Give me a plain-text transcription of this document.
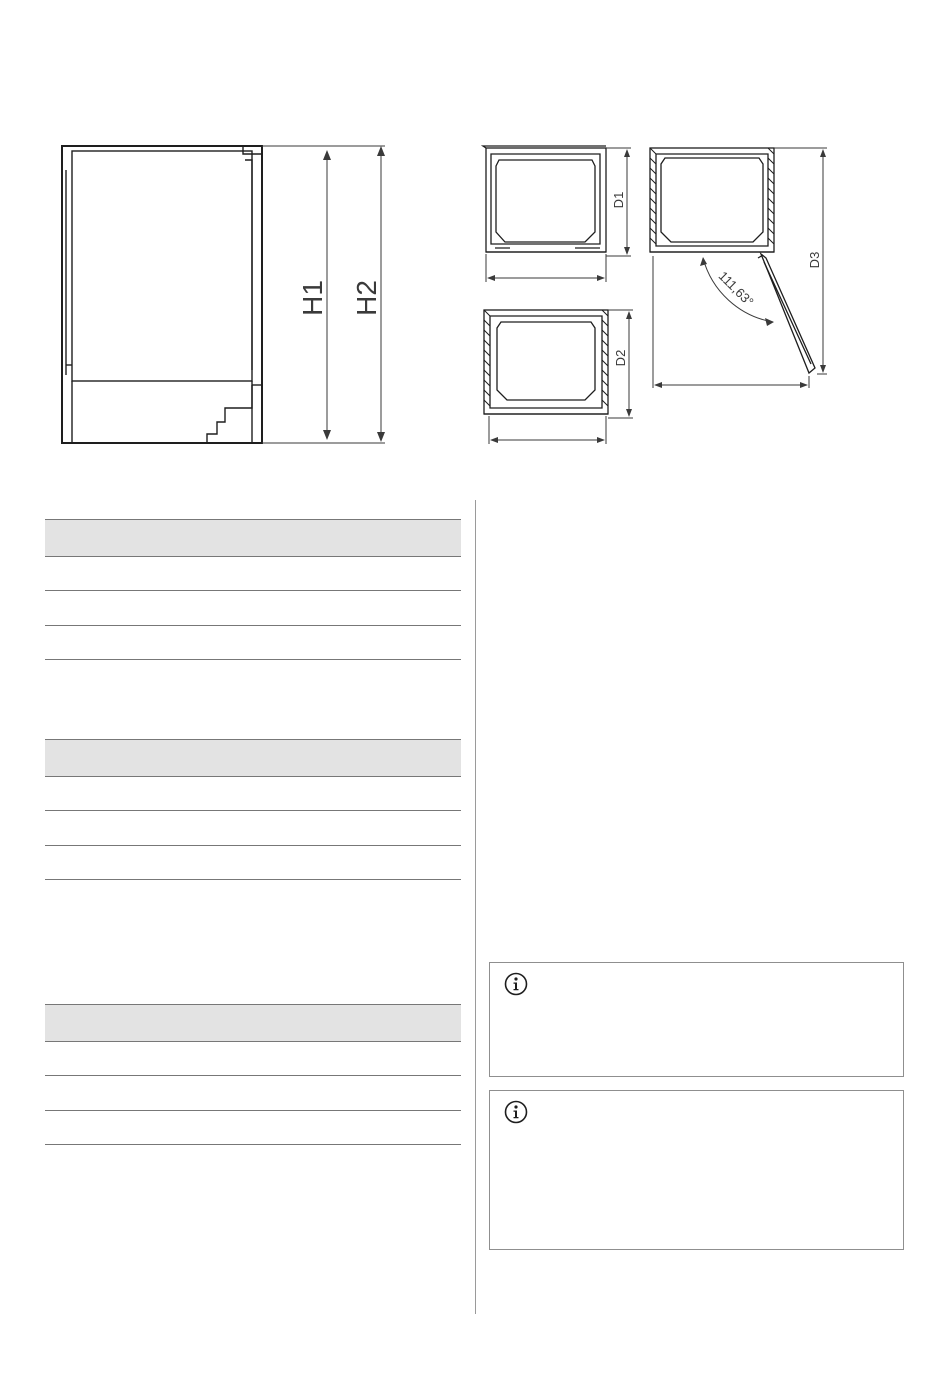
H1 H2
D1
D2
D3
111,63°
